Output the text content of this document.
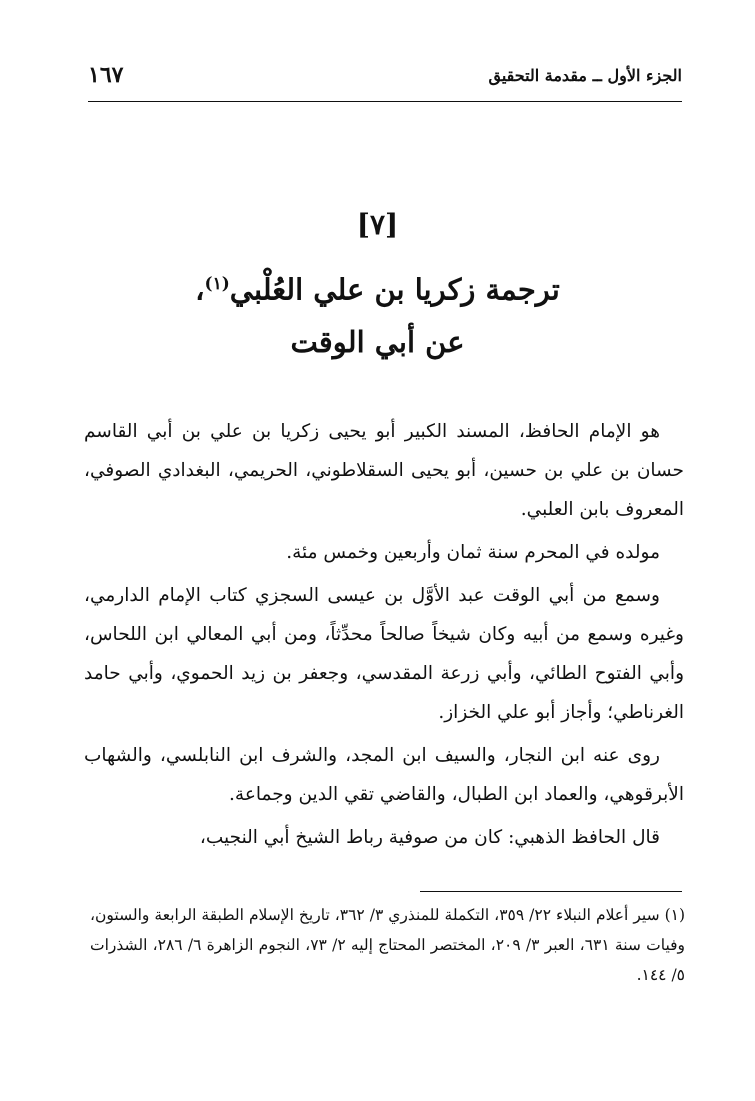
الجزء الأول ــ مقدمة التحقيق
١٦٧
[٧]
ترجمة زكريا بن علي العُلْبي$^{(١)}$،
عن أبي الوقت

هو الإمام الحافظ، المسند الكبير أبو يحيى زكريا بن علي بن أبي القاسم حسان بن علي بن حسين، أبو يحيى السقلاطوني، الحريمي، البغدادي الصوفي، المعروف بابن العلبي.

مولده في المحرم سنة ثمان وأربعين وخمس مئة.

وسمع من أبي الوقت عبد الأوَّل بن عيسى السجزي كتاب الإمام الدارمي، وغيره وسمع من أبيه وكان شيخاً صالحاً محدِّثاً، ومن أبي المعالي ابن اللحاس، وأبي الفتوح الطائي، وأبي زرعة المقدسي، وجعفر بن زيد الحموي، وأبي حامد الغرناطي؛ وأجاز أبو علي الخزاز.

روى عنه ابن النجار، والسيف ابن المجد، والشرف ابن النابلسي، والشهاب الأبرقوهي، والعماد ابن الطبال، والقاضي تقي الدين وجماعة.

قال الحافظ الذهبي: كان من صوفية رباط الشيخ أبي النجيب،

(١) سير أعلام النبلاء ٢٢/ ٣٥٩، التكملة للمنذري ٣/ ٣٦٢، تاريخ الإسلام الطبقة الرابعة والستون، وفيات سنة ٦٣١، العبر ٣/ ٢٠٩، المختصر المحتاج إليه ٢/ ٧٣، النجوم الزاهرة ٦/ ٢٨٦، الشذرات ٥/ ١٤٤.
